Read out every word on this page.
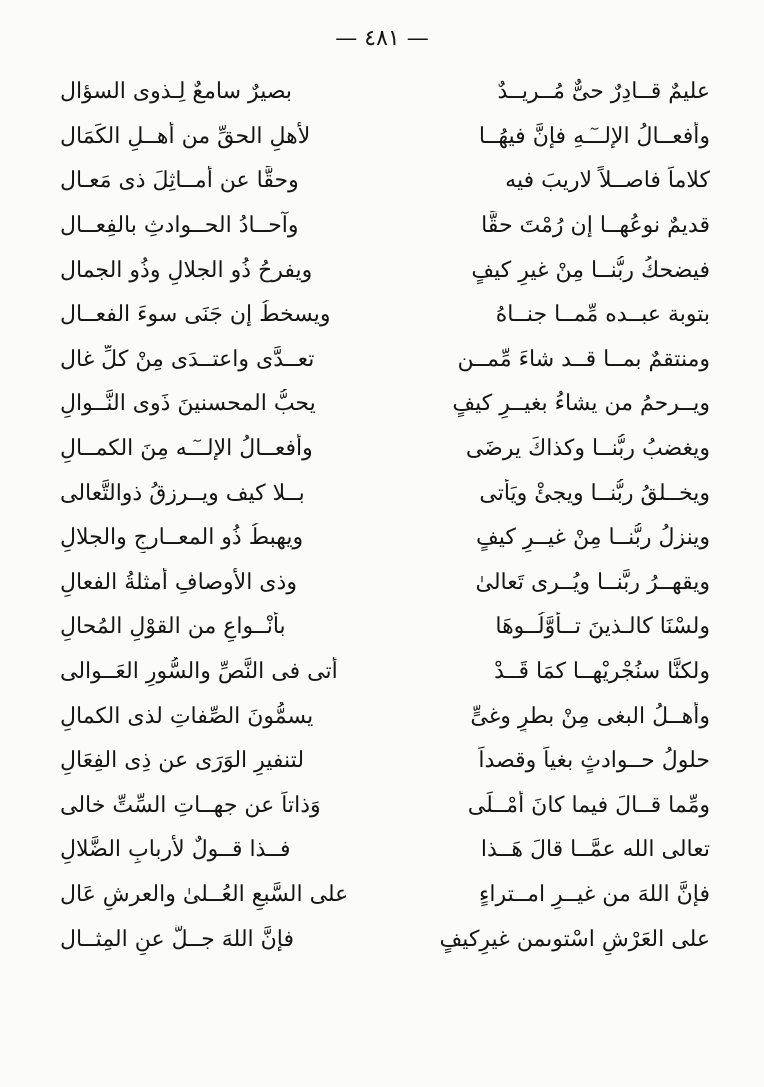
— ٤٨١ —
عليمٌ قــادِرٌ حىٌّ مُــريــدٌ
بصيرٌ سامعٌ لِـذوى السؤال
وأفعــالُ الإلــٓـهِ فإنَّ فيهُــا
لأهلِ الحقِّ من أهــلِ الكَمَال
كلاماً فاصــلاً لاريبَ فيه
وحقًّا عن أمــاثِلَ ذى مَعـال
قديمٌ نوعُهــا إن رُمْتَ حقًّا
وآحــادُ الحــوادثِ بالفِعــال
فيضحكُ ربُّنــا مِنْ غيرِ كيفٍ
ويفرحُ ذُو الجلالِ وذُو الجمال
بتوبة عبــده مِّمــا جنــاهُ
ويسخطُ إن جَنَى سوءَ الفعــال
ومنتقمٌ بمــا قــد شاءَ مِّمــن
تعــدَّى واعتــدَى مِنْ كلِّ غال
ويــرحمُ من يشاءُ بغيــرِ كيفٍ
يحبُّ المحسنينَ ذَوى النَّــوالِ
ويغضبُ ربُّنــا وكذاكَ يرضَى
وأفعــالُ الإلــٓـه مِنَ الكمــالِ
ويخــلقُ ربُّنــا ويجئْ ويَأْتى
بــلا كيف ويــرزقُ ذوالتَّعالى
وينزلُ ربُّنــا مِنْ غيــرِ كيفٍ
ويهبطُ ذُو المعــارجِ والجلالِ
ويقهــرُ ربَّنــا ويُــرى تَعالىٰ
وذى الأَوصافِ أمثلةُ الفعالِ
ولسْنَا كالـذينَ تــأوَّلُــوهَا
بأنْــواعٍ من القوْلِ المُحالِ
ولكنَّا سنُجْريْهــا كمَا قَــدْ
أتى فى النَّصِّ والسُّورِ العَــوالى
وأهــلُ البغى مِنْ بطرٍ وغىٍّ
يسمُّونَ الصِّفاتِ لذى الكمالِ
حلولُ حــوادثٍ بغياً وقصداً
لتنفيرِ الوَرَى عن ذِى الفِعَالِ
ومِّما قــالَ فيما كانَ أمْــلَى
وَذاتاً عن جهــاتِ السِّتِّ خالى
تعالى الله عمَّــا قالَ هَــذا
فــذا قــولٌ لأربابِ الضَّلالِ
فإنَّ اللهَ من غيــرِ امــتراءٍ
على السَّبعِ العُــلىٰ والعرشِ عَال
على العَرْشِ اسْتوىمن غيرِكيفٍ
فإنَّ اللهَ جــلَّ عنِ المِثــال
